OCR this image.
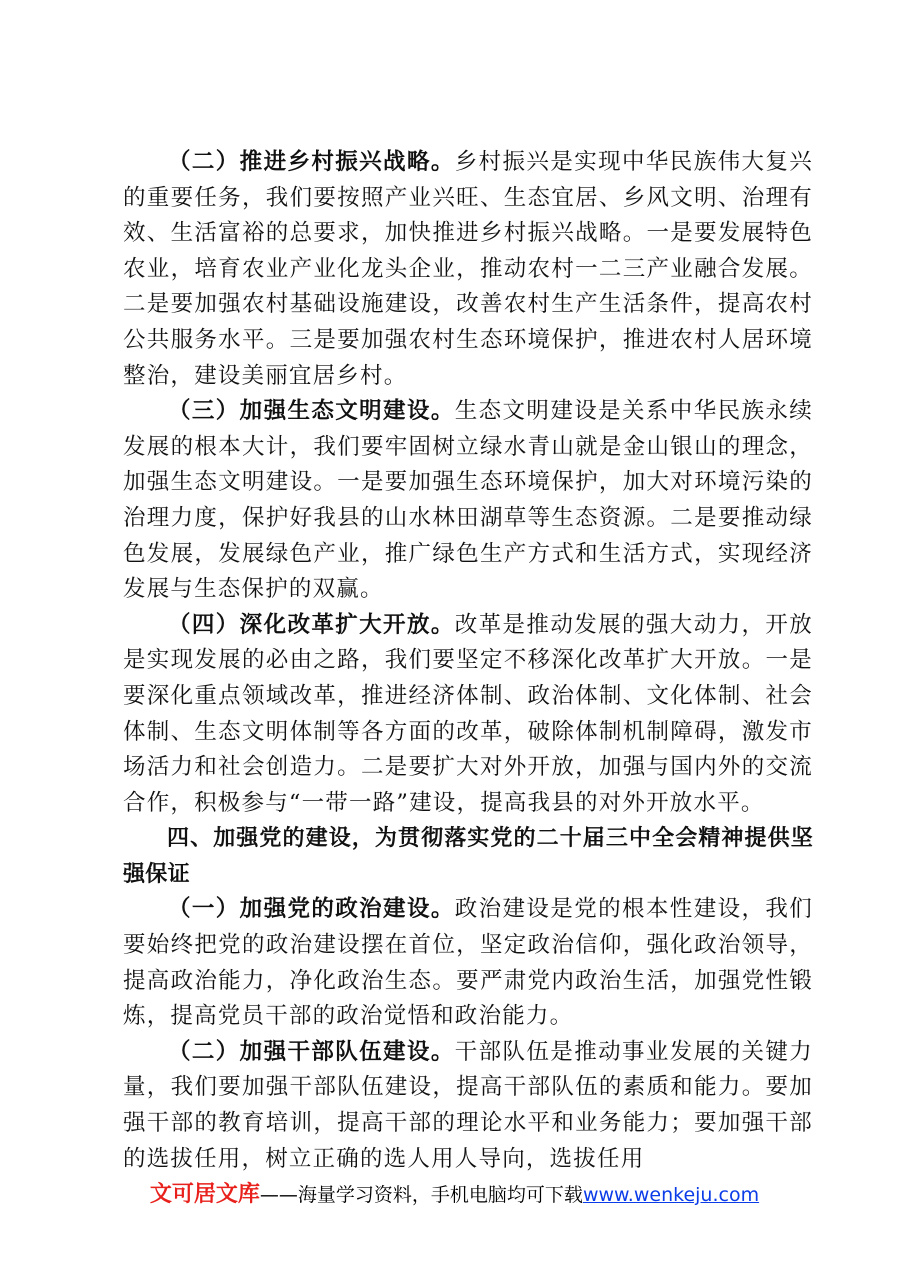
（二）推进乡村振兴战略。乡村振兴是实现中华民族伟大复兴的重要任务，我们要按照产业兴旺、生态宜居、乡风文明、治理有效、生活富裕的总要求，加快推进乡村振兴战略。一是要发展特色农业，培育农业产业化龙头企业，推动农村一二三产业融合发展。二是要加强农村基础设施建设，改善农村生产生活条件，提高农村公共服务水平。三是要加强农村生态环境保护，推进农村人居环境整治，建设美丽宜居乡村。

（三）加强生态文明建设。生态文明建设是关系中华民族永续发展的根本大计，我们要牢固树立绿水青山就是金山银山的理念，加强生态文明建设。一是要加强生态环境保护，加大对环境污染的治理力度，保护好我县的山水林田湖草等生态资源。二是要推动绿色发展，发展绿色产业，推广绿色生产方式和生活方式，实现经济发展与生态保护的双赢。

（四）深化改革扩大开放。改革是推动发展的强大动力，开放是实现发展的必由之路，我们要坚定不移深化改革扩大开放。一是要深化重点领域改革，推进经济体制、政治体制、文化体制、社会体制、生态文明体制等各方面的改革，破除体制机制障碍，激发市场活力和社会创造力。二是要扩大对外开放，加强与国内外的交流合作，积极参与“一带一路”建设，提高我县的对外开放水平。

四、加强党的建设，为贯彻落实党的二十届三中全会精神提供坚强保证

（一）加强党的政治建设。政治建设是党的根本性建设，我们要始终把党的政治建设摆在首位，坚定政治信仰，强化政治领导，提高政治能力，净化政治生态。要严肃党内政治生活，加强党性锻炼，提高党员干部的政治觉悟和政治能力。

（二）加强干部队伍建设。干部队伍是推动事业发展的关键力量，我们要加强干部队伍建设，提高干部队伍的素质和能力。要加强干部的教育培训，提高干部的理论水平和业务能力；要加强干部的选拔任用，树立正确的选人用人导向，选拔任用

文可居文库——海量学习资料，手机电脑均可下载www.wenkeju.com
